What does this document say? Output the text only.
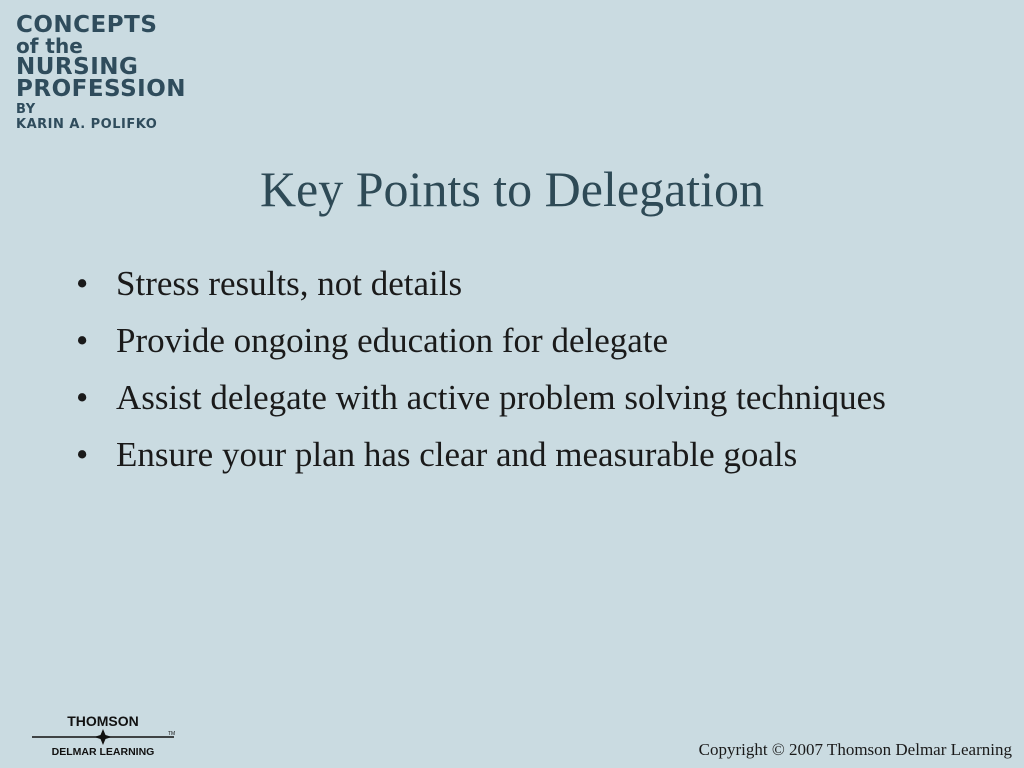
CONCEPTS
of the
NURSING
PROFESSION
BY
KARIN A. POLIFKO
Key Points to Delegation
• Stress results, not details
• Provide ongoing education for delegate
• Assist delegate with active problem solving techniques
• Ensure your plan has clear and measurable goals
THOMSON
TM
DELMAR LEARNING	Copyright © 2007 Thomson Delmar Learning
